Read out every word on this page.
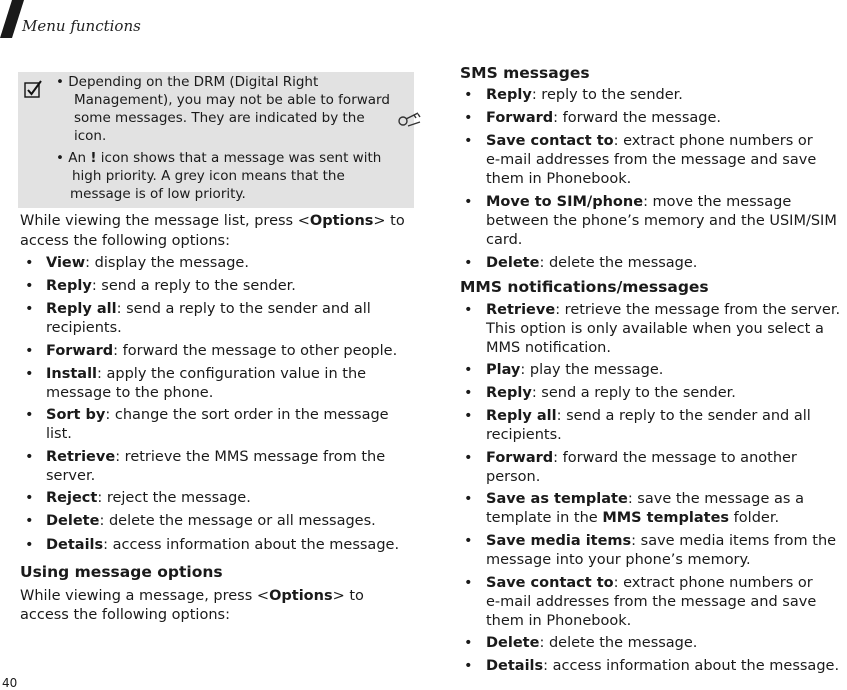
Menu functions
• Depending on the DRM (Digital Right
Management), you may not be able to forward
some messages. They are indicated by the
icon.
• An ! icon shows that a message was sent with
high priority. A grey icon means that the
message is of low priority.
While viewing the message list, press <Options> to
access the following options:
• View: display the message.
• Reply: send a reply to the sender.
• Reply all: send a reply to the sender and all
recipients.
• Forward: forward the message to other people.
• Install: apply the configuration value in the
message to the phone.
• Sort by: change the sort order in the message
list.
• Retrieve: retrieve the MMS message from the
server.
• Reject: reject the message.
• Delete: delete the message or all messages.
• Details: access information about the message.
Using message options
While viewing a message, press <Options> to
access the following options:
SMS messages
• Reply: reply to the sender.
• Forward: forward the message.
• Save contact to: extract phone numbers or
e-mail addresses from the message and save
them in Phonebook.
• Move to SIM/phone: move the message
between the phone’s memory and the USIM/SIM
card.
• Delete: delete the message.
MMS notifications/messages
• Retrieve: retrieve the message from the server.
This option is only available when you select a
MMS notification.
• Play: play the message.
• Reply: send a reply to the sender.
• Reply all: send a reply to the sender and all
recipients.
• Forward: forward the message to another
person.
• Save as template: save the message as a
template in the MMS templates folder.
• Save media items: save media items from the
message into your phone’s memory.
• Save contact to: extract phone numbers or
e-mail addresses from the message and save
them in Phonebook.
• Delete: delete the message.
• Details: access information about the message.
40
